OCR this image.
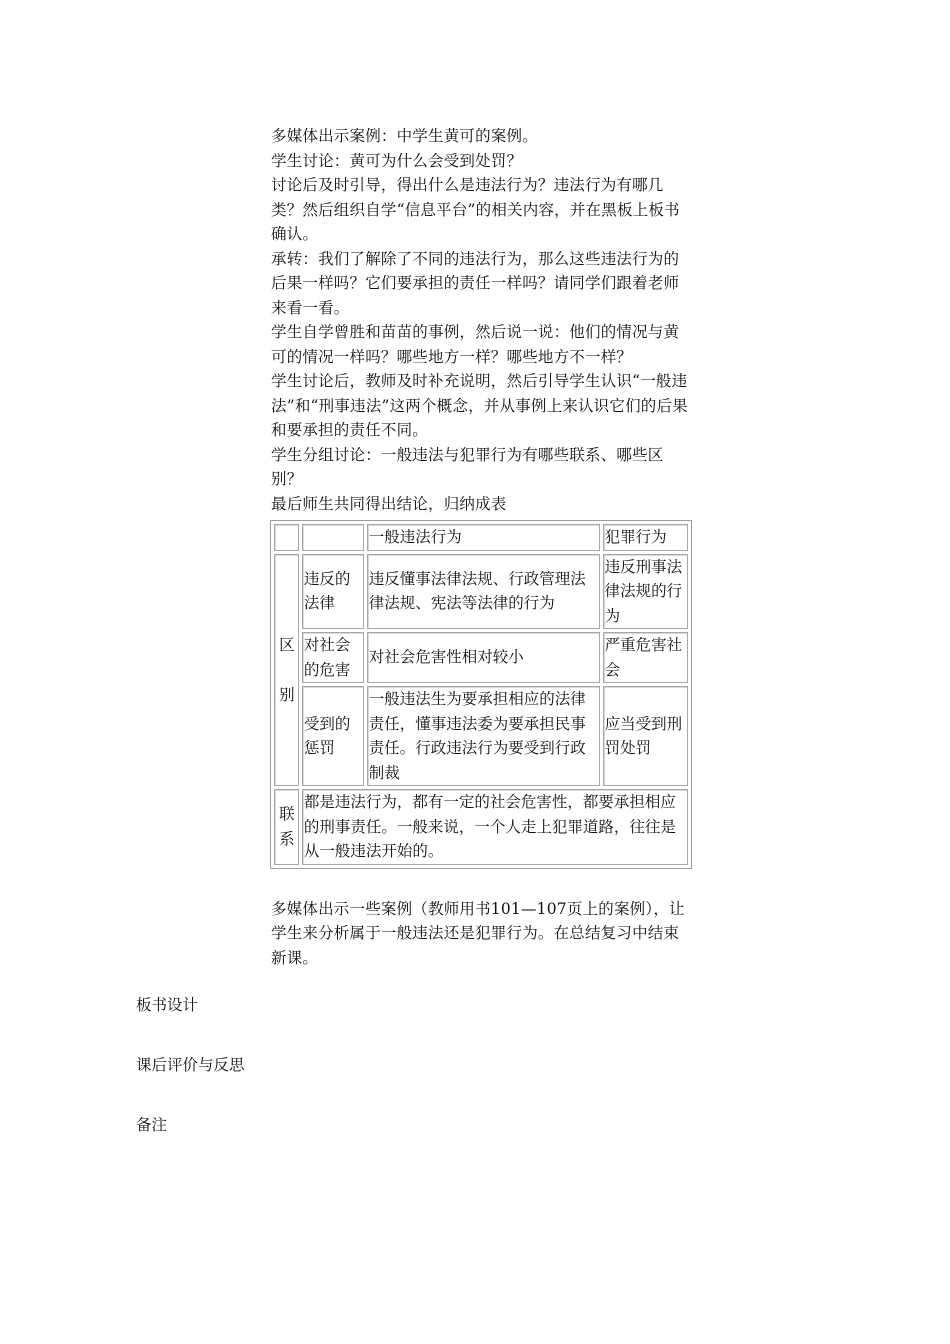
多媒体出示案例：中学生黄可的案例。

学生讨论：黄可为什么会受到处罚？

讨论后及时引导，得出什么是违法行为？违法行为有哪几类？然后组织自学“信息平台”的相关内容，并在黑板上板书确认。

承转：我们了解除了不同的违法行为，那么这些违法行为的后果一样吗？它们要承担的责任一样吗？请同学们跟着老师来看一看。

学生自学曾胜和苗苗的事例，然后说一说：他们的情况与黄可的情况一样吗？哪些地方一样？哪些地方不一样？

学生讨论后，教师及时补充说明，然后引导学生认识“一般违法”和“刑事违法”这两个概念，并从事例上来认识它们的后果和要承担的责任不同。

学生分组讨论：一般违法与犯罪行为有哪些联系、哪些区别？

最后师生共同得出结论，归纳成表

		一般违法行为	犯罪行为
区别	违反的法律	违反懂事法律法规、行政管理法律法规、宪法等法律的行为	违反刑事法律法规的行为
	对社会的危害	对社会危害性相对较小	严重危害社会
	受到的惩罚	一般违法生为要承担相应的法律责任，懂事违法委为要承担民事责任。行政违法行为要受到行政制裁	应当受到刑罚处罚
联系	都是违法行为，都有一定的社会危害性，都要承担相应的刑事责任。一般来说，一个人走上犯罪道路，往往是从一般违法开始的。		

多媒体出示一些案例（教师用书101—107页上的案例），让学生来分析属于一般违法还是犯罪行为。在总结复习中结束新课。

板书设计

课后评价与反思

备注
